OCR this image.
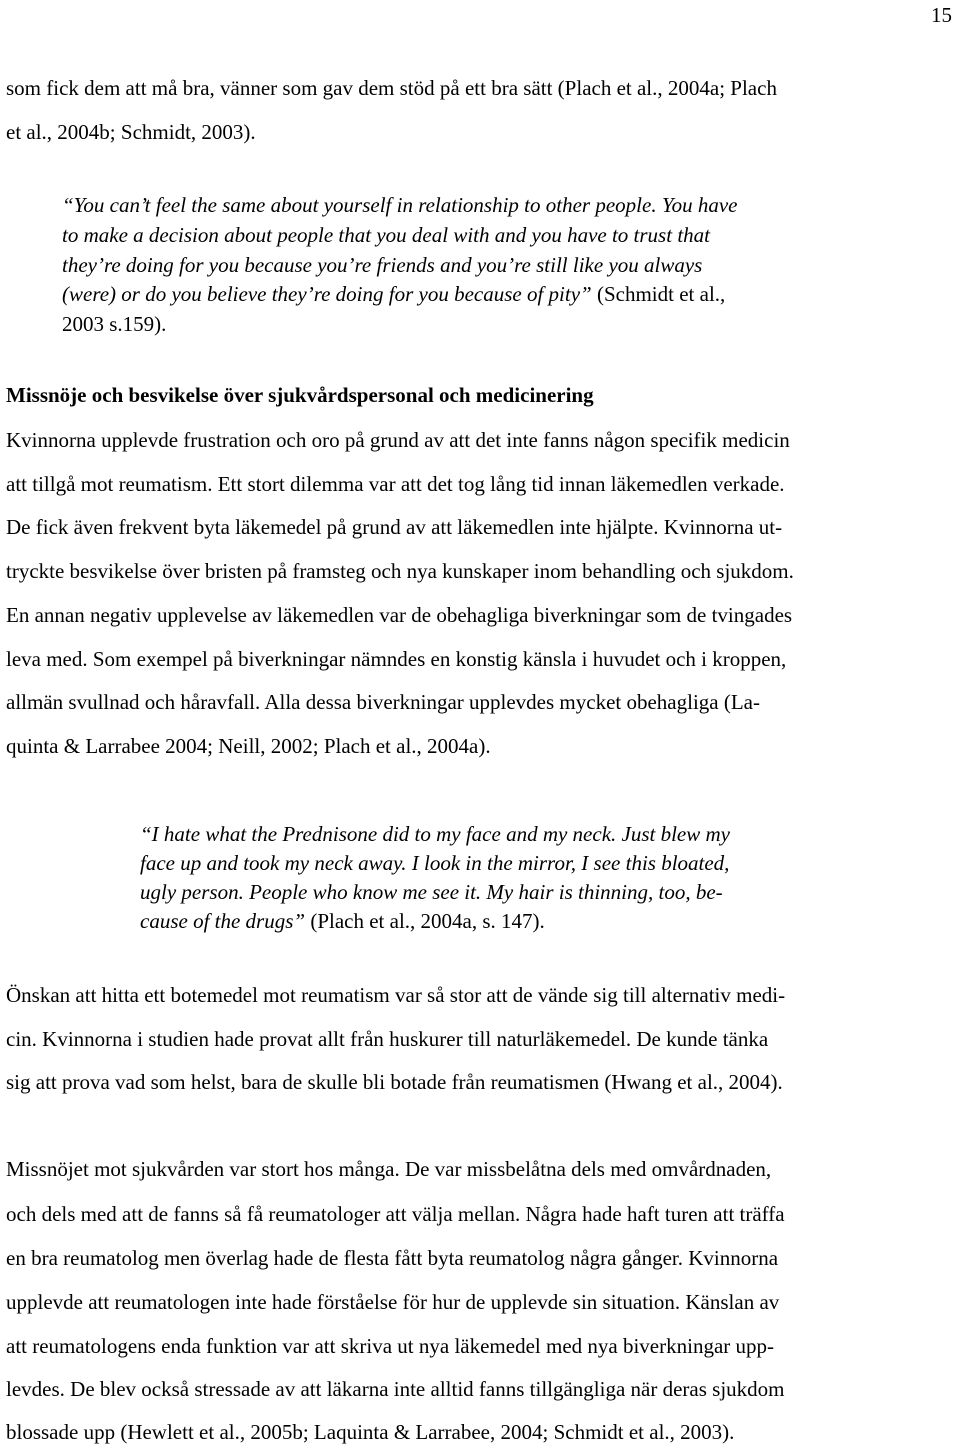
15
som fick dem att må bra, vänner som gav dem stöd på ett bra sätt (Plach et al., 2004a; Plach
et al., 2004b; Schmidt, 2003).
“You can’t feel the same about yourself in relationship to other people. You have
to make a decision about people that you deal with and you have to trust that
they’re doing for you because you’re friends and you’re still like you always
(were) or do you believe they’re doing for you because of pity” (Schmidt et al.,
2003 s.159).
Missnöje och besvikelse över sjukvårdspersonal och medicinering
Kvinnorna upplevde frustration och oro på grund av att det inte fanns någon specifik medicin
att tillgå mot reumatism. Ett stort dilemma var att det tog lång tid innan läkemedlen verkade.
De fick även frekvent byta läkemedel på grund av att läkemedlen inte hjälpte. Kvinnorna ut-
tryckte besvikelse över bristen på framsteg och nya kunskaper inom behandling och sjukdom.
En annan negativ upplevelse av läkemedlen var de obehagliga biverkningar som de tvingades
leva med. Som exempel på biverkningar nämndes en konstig känsla i huvudet och i kroppen,
allmän svullnad och håravfall. Alla dessa biverkningar upplevdes mycket obehagliga (La-
quinta & Larrabee 2004; Neill, 2002; Plach et al., 2004a).
“I hate what the Prednisone did to my face and my neck. Just blew my
face up and took my neck away. I look in the mirror, I see this bloated,
ugly person. People who know me see it. My hair is thinning, too, be-
cause of the drugs” (Plach et al., 2004a, s. 147).
Önskan att hitta ett botemedel mot reumatism var så stor att de vände sig till alternativ medi-
cin. Kvinnorna i studien hade provat allt från huskurer till naturläkemedel. De kunde tänka
sig att prova vad som helst, bara de skulle bli botade från reumatismen (Hwang et al., 2004).
Missnöjet mot sjukvården var stort hos många. De var missbelåtna dels med omvårdnaden,
och dels med att de fanns så få reumatologer att välja mellan. Några hade haft turen att träffa
en bra reumatolog men överlag hade de flesta fått byta reumatolog några gånger. Kvinnorna
upplevde att reumatologen inte hade förståelse för hur de upplevde sin situation. Känslan av
att reumatologens enda funktion var att skriva ut nya läkemedel med nya biverkningar upp-
levdes. De blev också stressade av att läkarna inte alltid fanns tillgängliga när deras sjukdom
blossade upp (Hewlett et al., 2005b; Laquinta & Larrabee, 2004; Schmidt et al., 2003).
